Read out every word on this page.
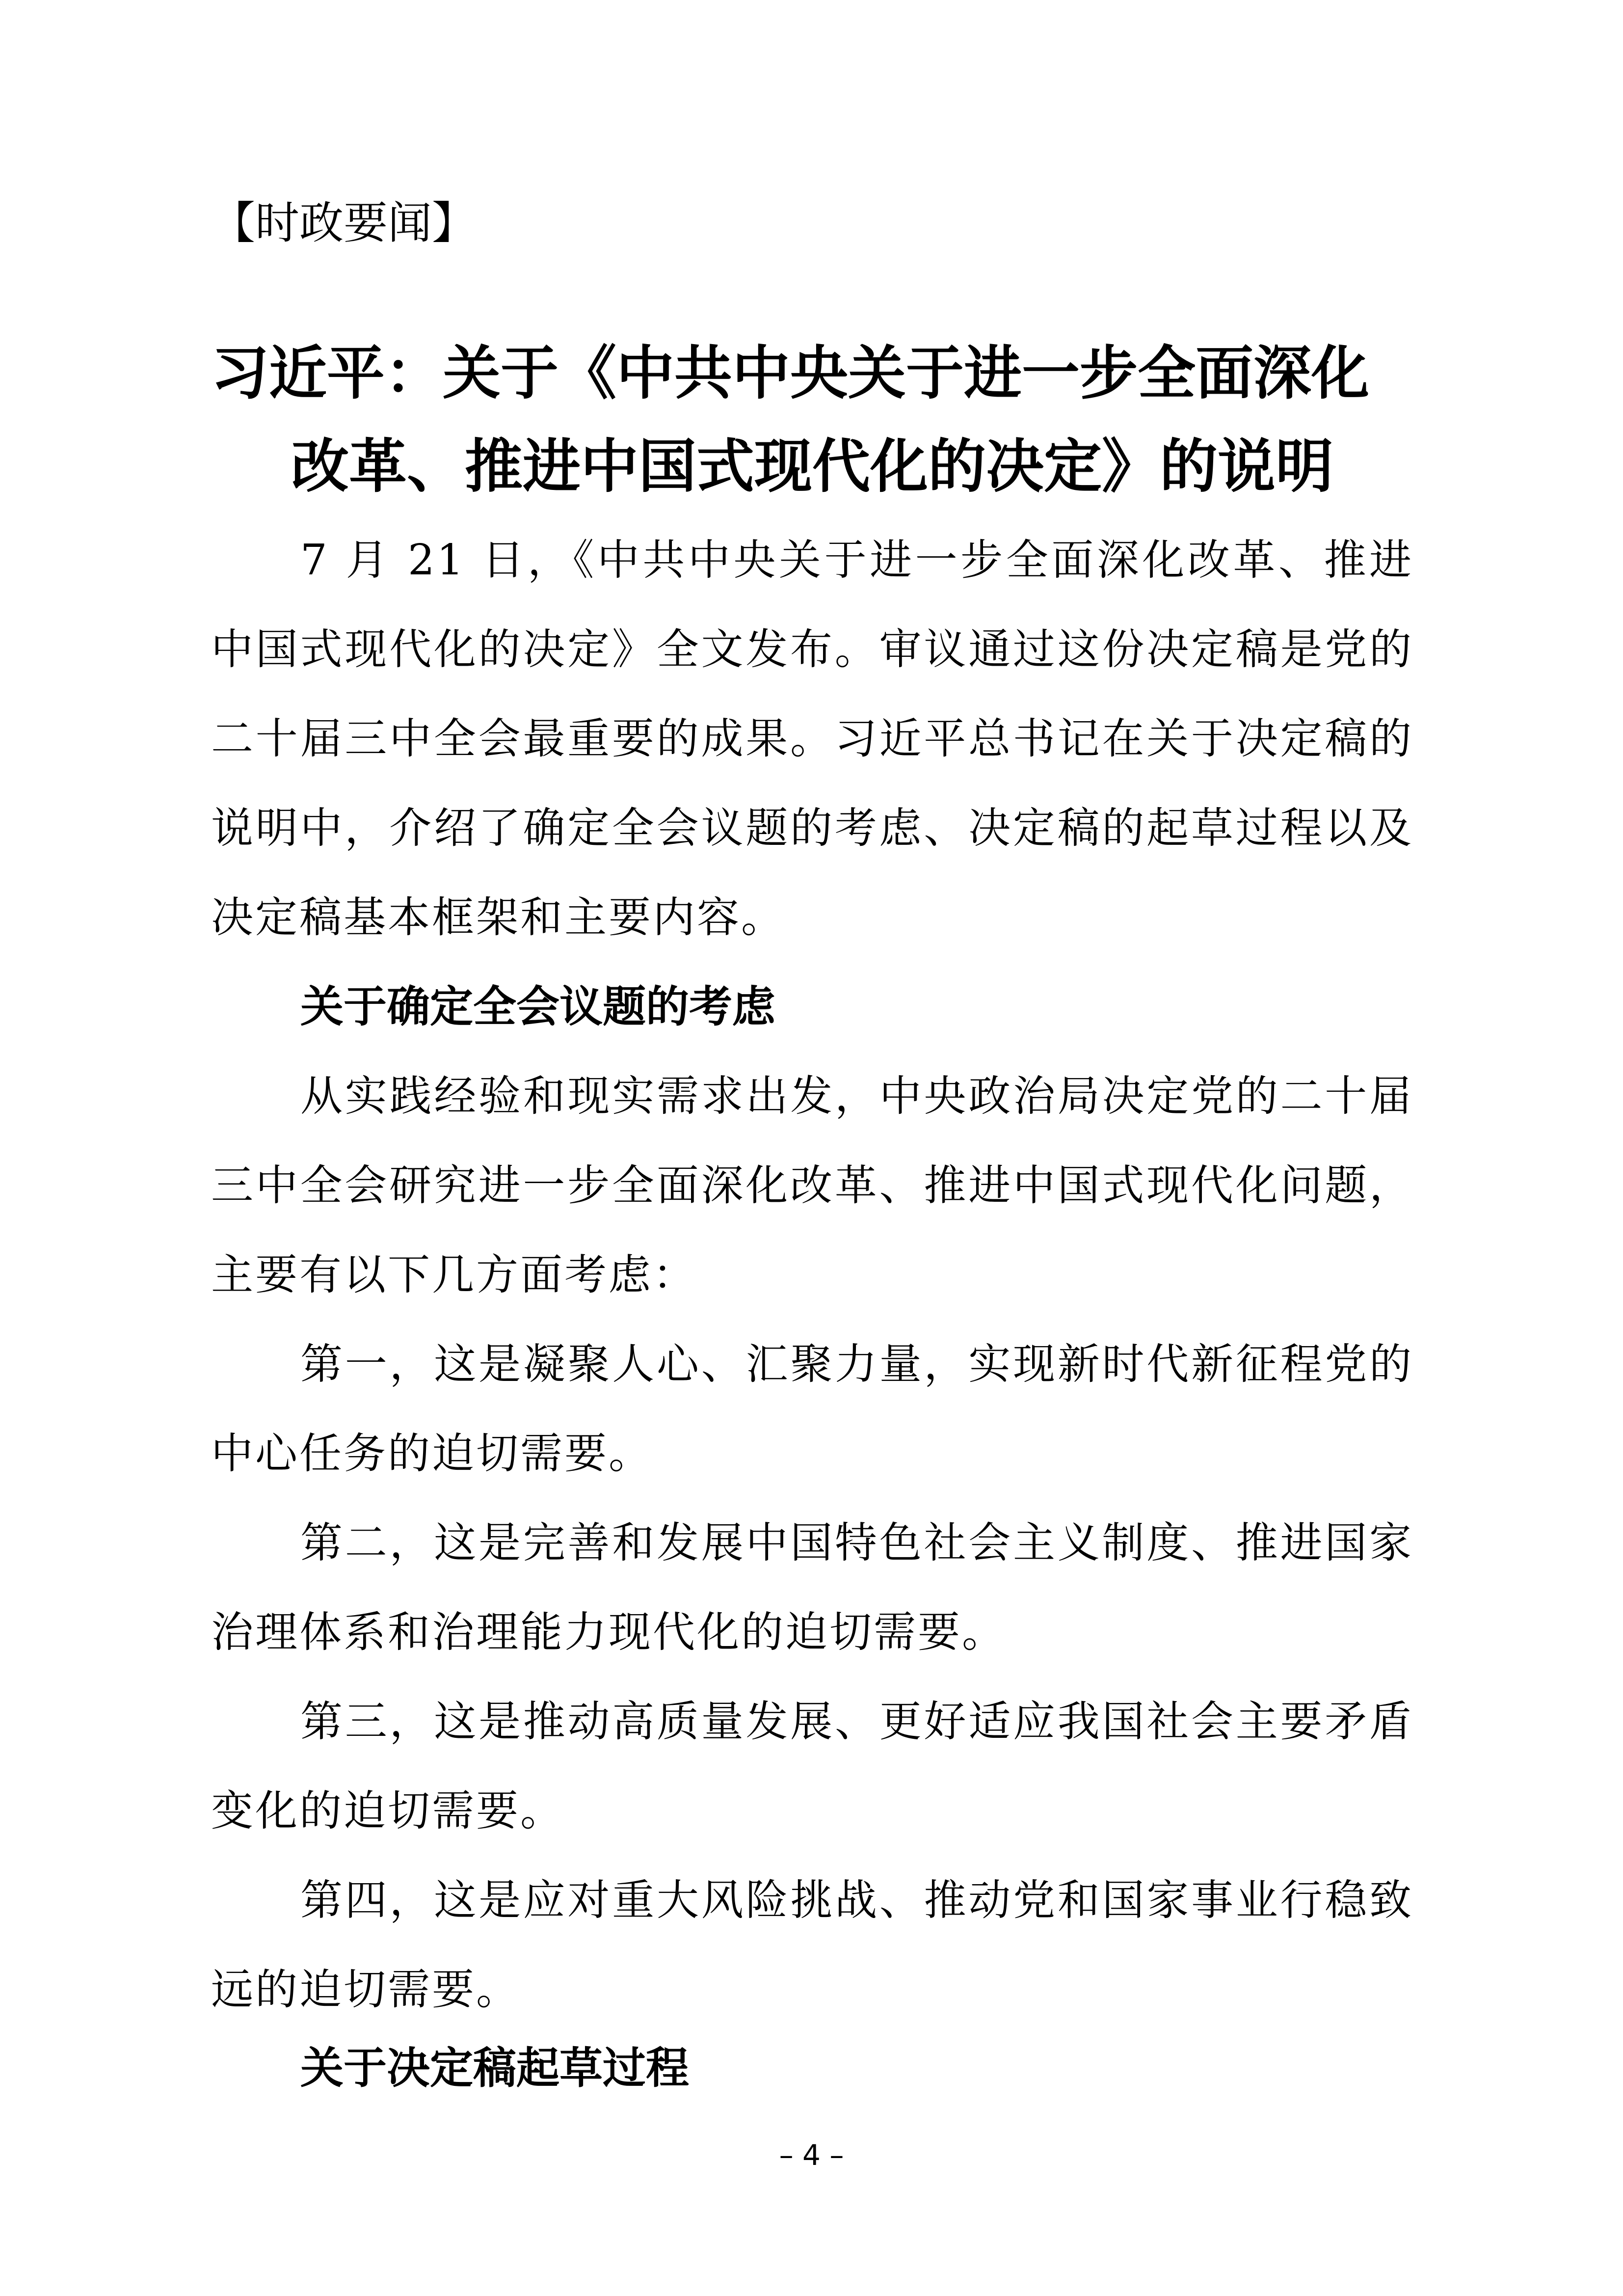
【时政要闻】
习近平：关于《中共中央关于进一步全面深化
改革、推进中国式现代化的决定》的说明
7 月 21 日，《中共中央关于进一步全面深化改革、推进中国式现代化的决定》全文发布。审议通过这份决定稿是党的二十届三中全会最重要的成果。习近平总书记在关于决定稿的说明中，介绍了确定全会议题的考虑、决定稿的起草过程以及决定稿基本框架和主要内容。
关于确定全会议题的考虑
从实践经验和现实需求出发，中央政治局决定党的二十届三中全会研究进一步全面深化改革、推进中国式现代化问题，主要有以下几方面考虑：
第一，这是凝聚人心、汇聚力量，实现新时代新征程党的中心任务的迫切需要。
第二，这是完善和发展中国特色社会主义制度、推进国家治理体系和治理能力现代化的迫切需要。
第三，这是推动高质量发展、更好适应我国社会主要矛盾变化的迫切需要。
第四，这是应对重大风险挑战、推动党和国家事业行稳致远的迫切需要。
关于决定稿起草过程
– 4 –
